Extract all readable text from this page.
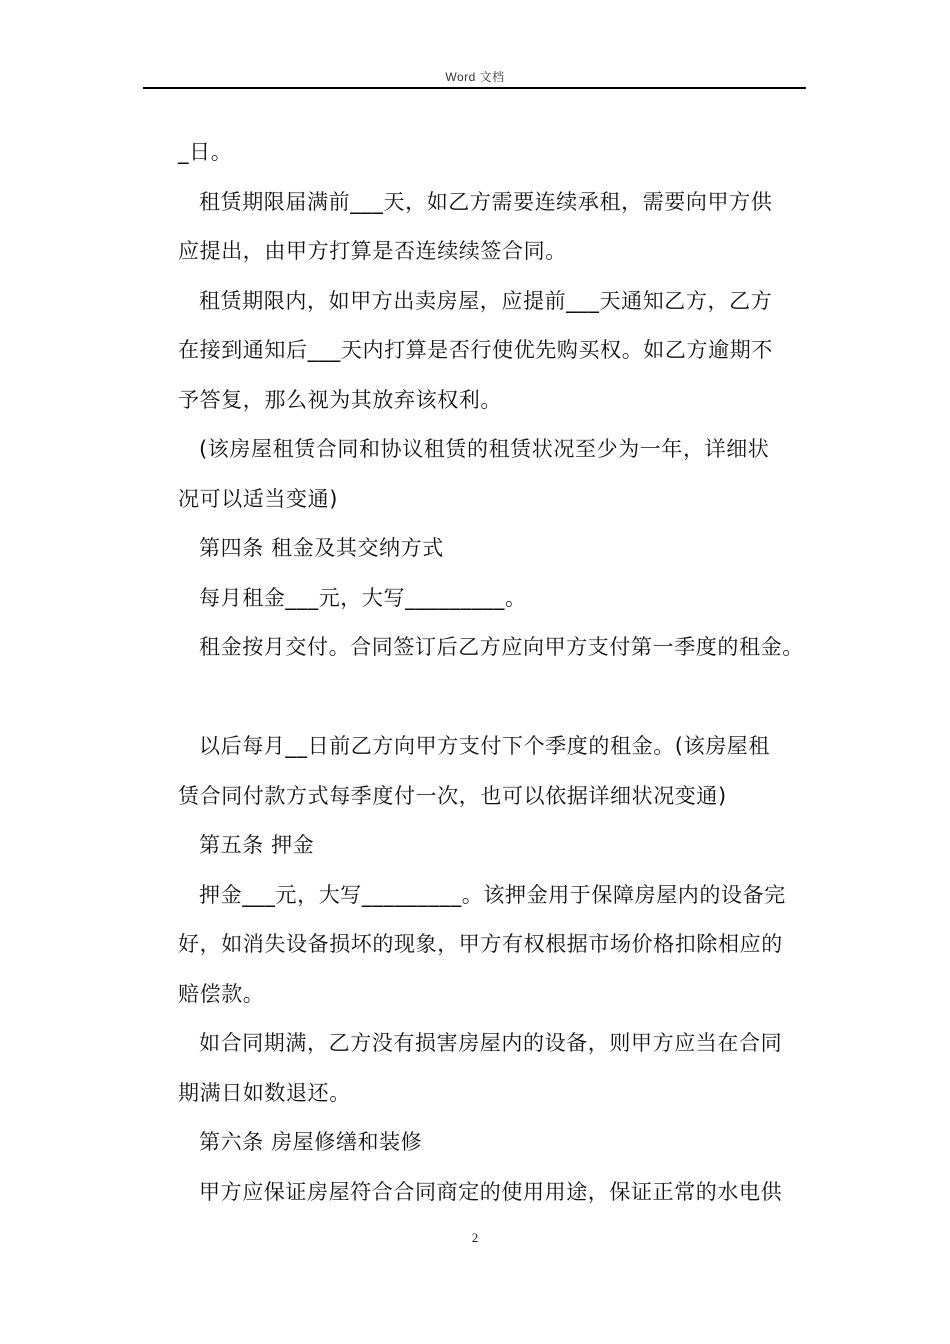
Word 文档
_日。
租赁期限届满前___天，如乙方需要连续承租，需要向甲方供
应提出，由甲方打算是否连续续签合同。
租赁期限内，如甲方出卖房屋，应提前___天通知乙方，乙方
在接到通知后___天内打算是否行使优先购买权。如乙方逾期不
予答复，那么视为其放弃该权利。
(该房屋租赁合同和协议租赁的租赁状况至少为一年，详细状
况可以适当变通)
第四条 租金及其交纳方式
每月租金___元，大写_________。
租金按月交付。合同签订后乙方应向甲方支付第一季度的租金。
以后每月__日前乙方向甲方支付下个季度的租金。(该房屋租
赁合同付款方式每季度付一次，也可以依据详细状况变通)
第五条 押金
押金___元，大写_________。该押金用于保障房屋内的设备完
好，如消失设备损坏的现象，甲方有权根据市场价格扣除相应的
赔偿款。
如合同期满，乙方没有损害房屋内的设备，则甲方应当在合同
期满日如数退还。
第六条 房屋修缮和装修
甲方应保证房屋符合合同商定的使用用途，保证正常的水电供
2
